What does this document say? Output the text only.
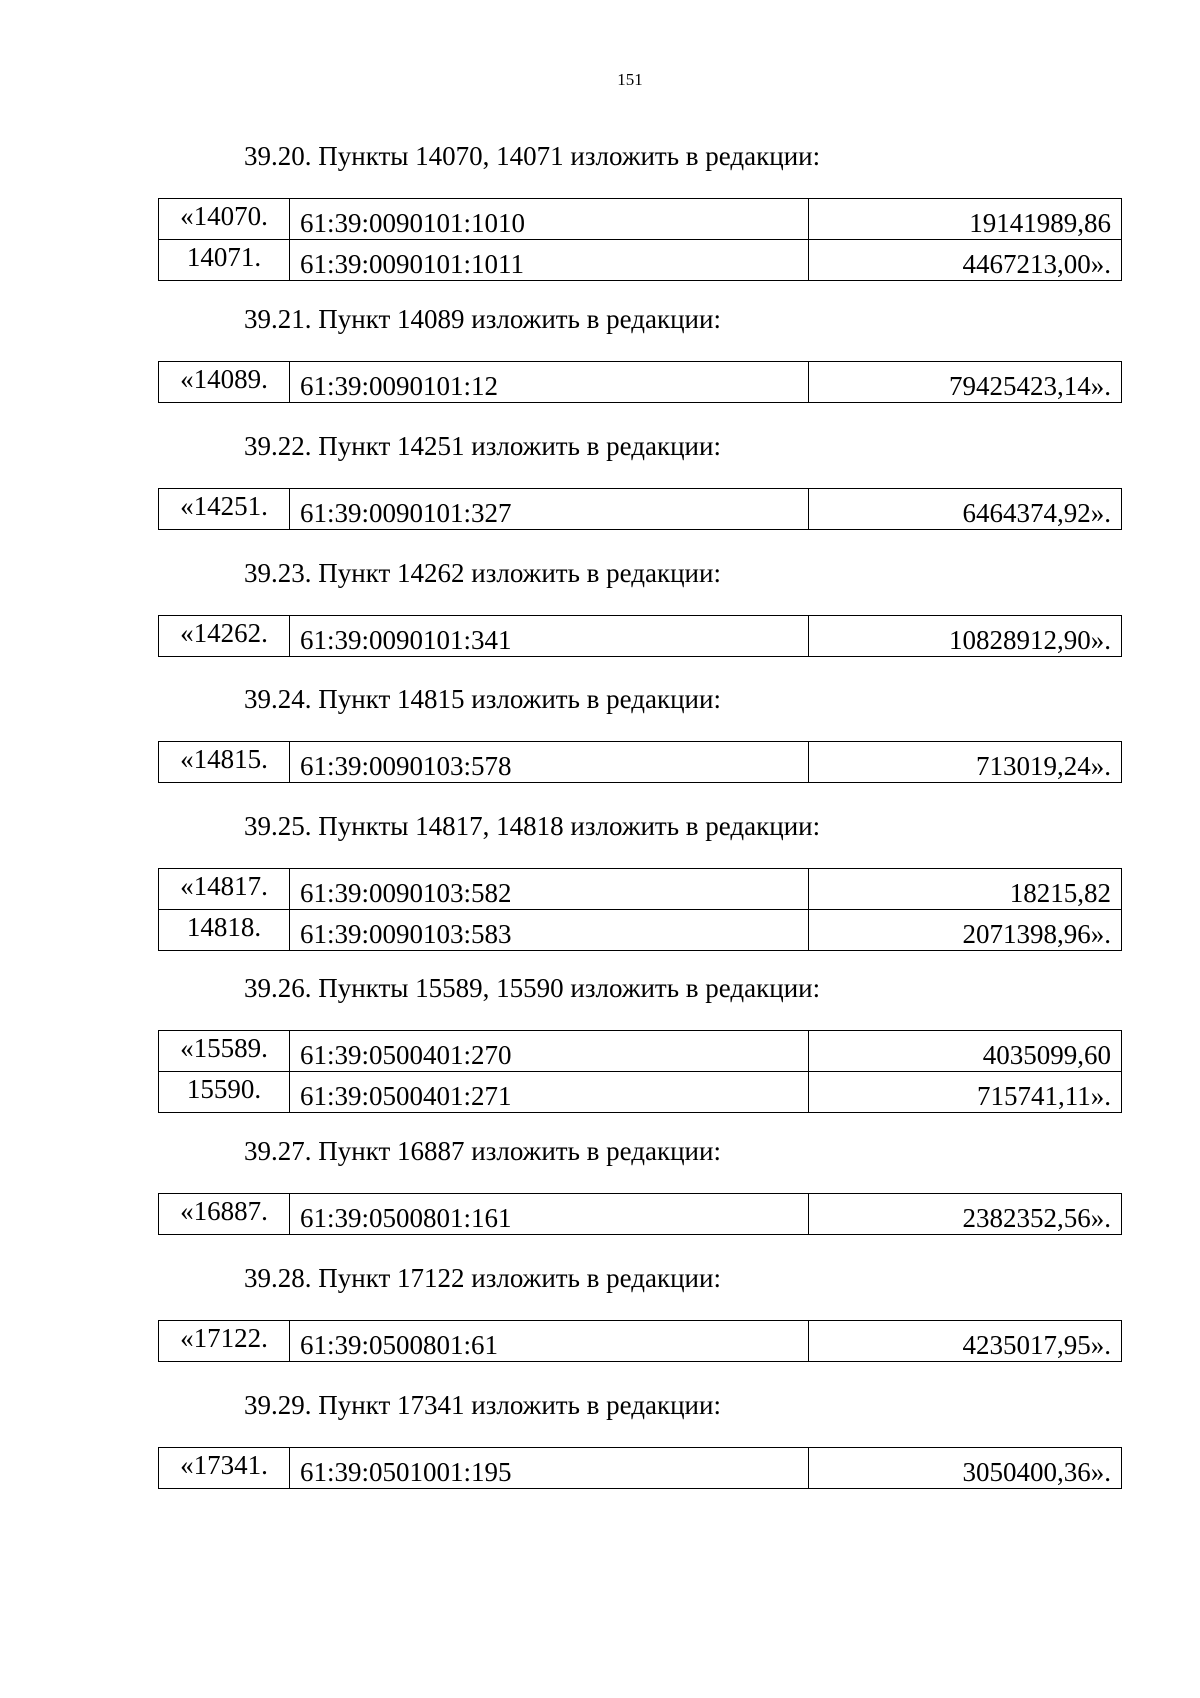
151
39.20. Пункты 14070, 14071 изложить в редакции:
«14070.	61:39:0090101:1010	19141989,86
14071.	61:39:0090101:1011	4467213,00».
39.21. Пункт 14089 изложить в редакции:
«14089.	61:39:0090101:12	79425423,14».
39.22. Пункт 14251 изложить в редакции:
«14251.	61:39:0090101:327	6464374,92».
39.23. Пункт 14262 изложить в редакции:
«14262.	61:39:0090101:341	10828912,90».
39.24. Пункт 14815 изложить в редакции:
«14815.	61:39:0090103:578	713019,24».
39.25. Пункты 14817, 14818 изложить в редакции:
«14817.	61:39:0090103:582	18215,82
14818.	61:39:0090103:583	2071398,96».
39.26. Пункты 15589, 15590 изложить в редакции:
«15589.	61:39:0500401:270	4035099,60
15590.	61:39:0500401:271	715741,11».
39.27. Пункт 16887 изложить в редакции:
«16887.	61:39:0500801:161	2382352,56».
39.28. Пункт 17122 изложить в редакции:
«17122.	61:39:0500801:61	4235017,95».
39.29. Пункт 17341 изложить в редакции:
«17341.	61:39:0501001:195	3050400,36».
